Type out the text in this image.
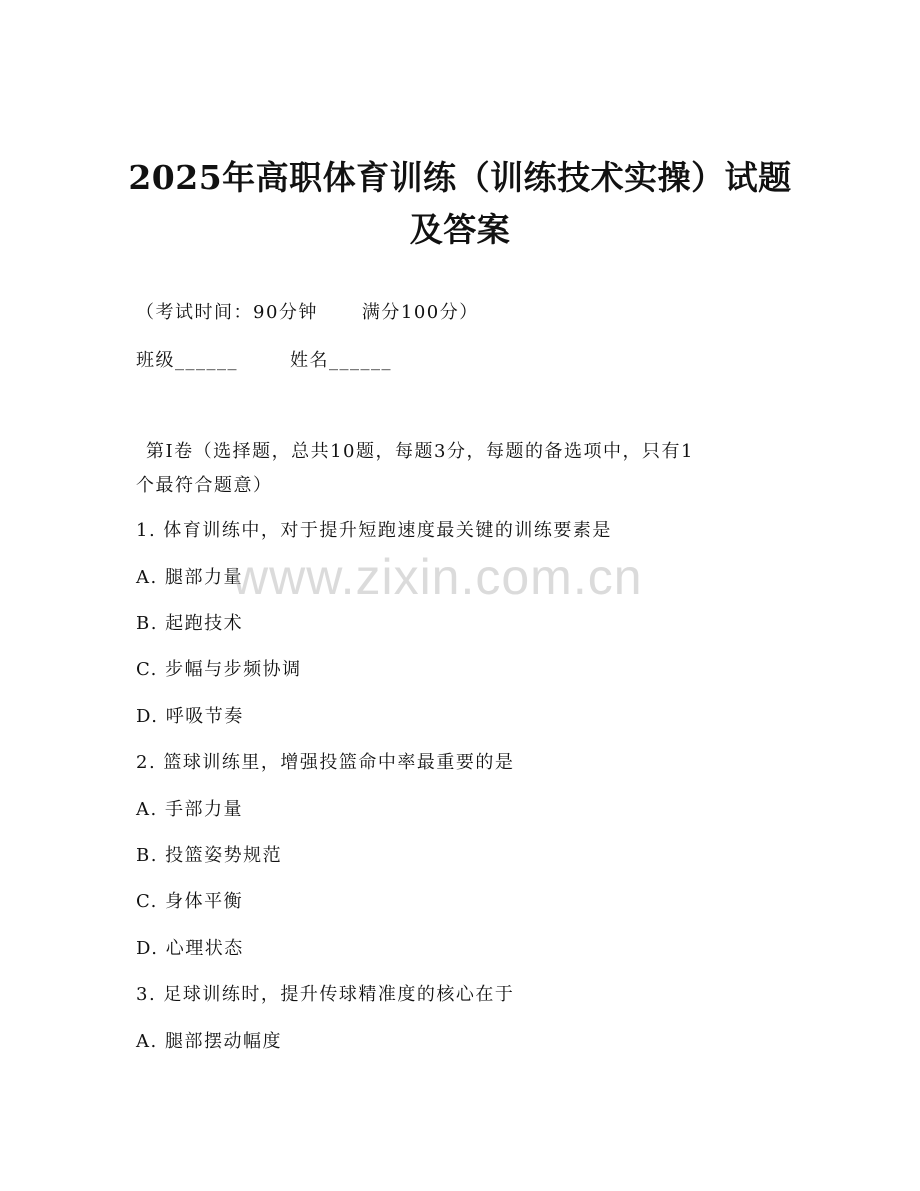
2025年高职体育训练（训练技术实操）试题
及答案
（考试时间：90分钟 满分100分）
班级______	姓名______
第Ⅰ卷（选择题，总共10题，每题3分，每题的备选项中，只有1
个最符合题意）
1. 体育训练中，对于提升短跑速度最关键的训练要素是
A. 腿部力量
B. 起跑技术
C. 步幅与步频协调
D. 呼吸节奏
2. 篮球训练里，增强投篮命中率最重要的是
A. 手部力量
B. 投篮姿势规范
C. 身体平衡
D. 心理状态
3. 足球训练时，提升传球精准度的核心在于
A. 腿部摆动幅度
www.zixin.com.cn
